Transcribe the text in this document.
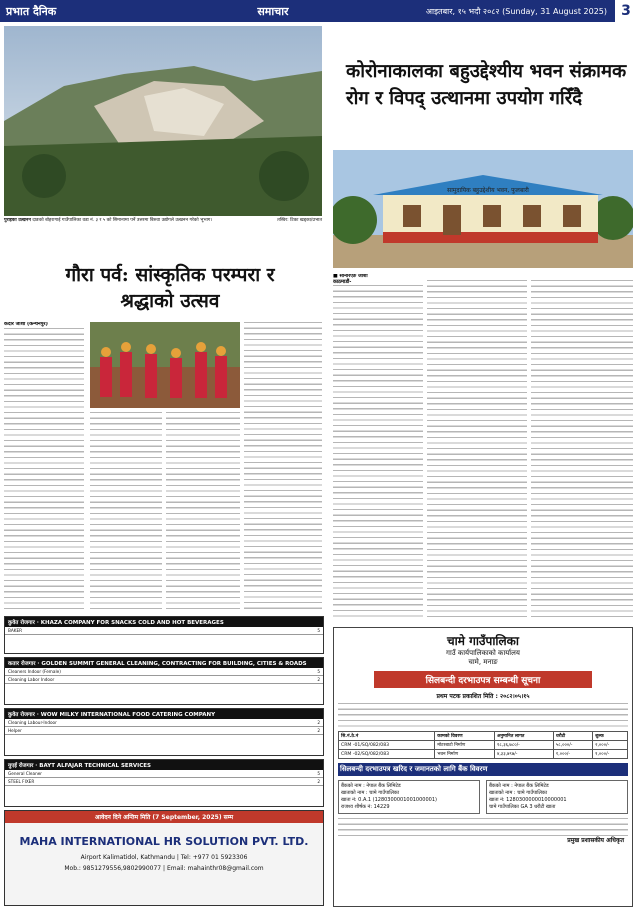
प्रभात दैनिक	समाचार	आइतबार, १५ भदौ २०८२ (Sunday, 31 August 2025)	3
पुराइका उत्खनन दाङको बोहरागाई गाउँपालिका वडा नं. ३ र ५ को सिमानामा पर्ने उत्तरमा बिरुवा उद्योगले उत्खनन गरेको भूभाग।	तस्विर: टिका खड्का/प्रभात
गौरा पर्व: सांस्कृतिक परम्परा र श्रद्धाको उत्सव
केदार जोशी (कन्चनपुर)
कोरोनाकालका बहुउद्देश्यीय भवन संक्रामक रोग र विपद् उत्थानमा उपयोग गरिँदै
सामुदायिक बहुउद्देशीय भवन, फुलबारी
■ सौनारएङ जोशी
काठमाडौं-
कुवेत रोजगार · KHAZA COMPANY FOR SNACKS COLD AND HOT BEVERAGES
BAKER	5
कतार रोजगार · GOLDEN SUMMIT GENERAL CLEANING, CONTRACTING FOR BUILDING, CITIES & ROADS
Cleaners Indoor (Female)	5
Cleaning Labor Indoor	2
कुवेत रोजगार · WOW MILKY INTERNATIONAL FOOD CATERING COMPANY
Cleaning Labour-Indoor	2
Helper	2
युएई रोजगार · BAYT ALFAJAR TECHNICAL SERVICES
General Cleaner	5
STEEL FIXER	2
आवेदन दिने अन्तिम मिति (7 September, 2025) सम्म
MAHA INTERNATIONAL HR SOLUTION PVT. LTD.
Airport Kalimatidol, Kathmandu | Tel: +977 01 5923306
Mob.: 9851279556,9802990077 | Email: mahainthr08@gmail.com
चामे गाउँपालिका
गाउँ कार्यपालिकाको कार्यालय
चामे, मनाङ
सिलबन्दी दरभाउपत्र सम्बन्धी सूचना
प्रथम पटक प्रकाशित मिति : २०८२।०५।१५
सि.नं.ठे.नं	कामको विवरण	अनुमानित लागत	धरौटी	शुल्क
CRM -01/SQ/082/083	मोटरबाटो निर्माण	१८,३६,७८०/-	५८,०००/-	२,०००/-
CRM -02/SQ/082/083	भवन निर्माण	४,३३,७९७/-	१,०००/-	१,०००/-
सिलबन्दी दरभाउपत्र खरिद र जमानतको लागि बैंक विवरण
बैंकको नाम : नेपाल बैंक लिमिटेड
खाताको नाम : चामे गाउँपालिका
खाता नं: 0.A.1 (1280300001001000001)
राजश्व शीर्षक नं: 14229
बैंकको नाम : नेपाल बैंक लिमिटेड
खाताको नाम : चामे गाउँपालिका
खाता नं: 1280300000010000001
चामे गाउँपालिका GA 3 धरौटी खाता
प्रमुख प्रशासकीय अधिकृत
